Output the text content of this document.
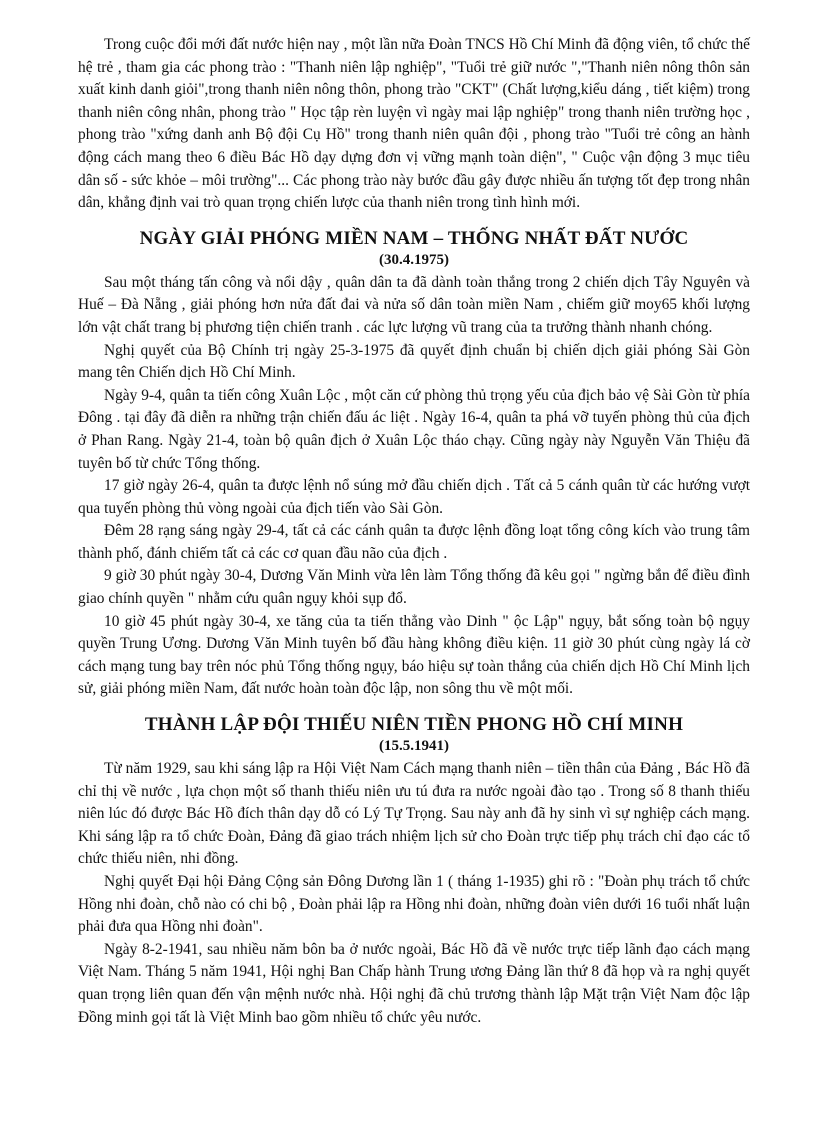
Trong cuộc đổi mới đất nước hiện nay , một lần nữa Đoàn TNCS Hồ Chí Minh đã động viên, tổ chức thế hệ trẻ , tham gia các phong trào : "Thanh niên lập nghiệp", "Tuổi trẻ giữ nước ","Thanh niên nông thôn sản xuất kinh danh giỏi",trong thanh niên nông thôn, phong trào "CKT" (Chất lượng,kiểu dáng , tiết kiệm) trong thanh niên công nhân, phong trào " Học tập rèn luyện vì ngày mai lập nghiệp" trong thanh niên trường học , phong trào "xứng danh anh Bộ đội Cụ Hồ" trong thanh niên quân đội , phong trào "Tuổi trẻ công an hành động cách mang theo 6 điều Bác Hồ dạy dựng đơn vị vững mạnh toàn diện", " Cuộc vận động 3 mục tiêu dân số - sức khỏe – môi trường"... Các phong trào này bước đầu gây được nhiều ấn tượng tốt đẹp trong nhân dân, khẳng định vai trò quan trọng chiến lược của thanh niên trong tình hình mới.

NGÀY GIẢI PHÓNG MIỀN NAM – THỐNG NHẤT ĐẤT NƯỚC
(30.4.1975)

Sau một tháng tấn công và nổi dậy , quân dân ta đã dành toàn thắng trong 2 chiến dịch Tây Nguyên và Huế – Đà Nẵng , giải phóng hơn nửa đất đai và nửa số dân toàn miền Nam , chiếm giữ moy65 khối lượng lớn vật chất trang bị phương tiện chiến tranh . các lực lượng vũ trang của ta trưởng thành nhanh chóng.

Nghị quyết của Bộ Chính trị ngày 25-3-1975 đã quyết định chuẩn bị chiến dịch giải phóng Sài Gòn mang tên Chiến dịch Hồ Chí Minh.

Ngày 9-4, quân ta tiến công Xuân Lộc , một căn cứ phòng thủ trọng yếu của địch bảo vệ Sài Gòn từ phía Đông . tại đây đã diễn ra những trận chiến đấu ác liệt . Ngày 16-4, quân ta phá vỡ tuyến phòng thủ của địch ở Phan Rang. Ngày 21-4, toàn bộ quân địch ở Xuân Lộc tháo chạy. Cũng ngày này Nguyễn Văn Thiệu đã tuyên bố từ chức Tổng thống.

17 giờ ngày 26-4, quân ta được lệnh nổ súng mở đầu chiến dịch . Tất cả 5 cánh quân từ các hướng vượt qua tuyến phòng thủ vòng ngoài của địch tiến vào Sài Gòn.

Đêm 28 rạng sáng ngày 29-4, tất cả các cánh quân ta được lệnh đồng loạt tổng công kích vào trung tâm thành phố, đánh chiếm tất cả các cơ quan đầu não của địch .

9 giờ 30 phút ngày 30-4, Dương Văn Minh vừa lên làm Tổng thống đã kêu gọi " ngừng bắn để điều đình giao chính quyền " nhằm cứu quân ngụy khỏi sụp đổ.

10 giờ 45 phút ngày 30-4, xe tăng của ta tiến thẳng vào Dinh " ộc Lập" ngụy, bắt sống toàn bộ ngụy quyền Trung Ương. Dương Văn Minh tuyên bố đầu hàng không điều kiện. 11 giờ 30 phút cùng ngày lá cờ cách mạng tung bay trên nóc phủ Tổng thống ngụy, báo hiệu sự toàn thắng của chiến dịch Hồ Chí Minh lịch sử, giải phóng miền Nam, đất nước hoàn toàn độc lập, non sông thu về một mối.

THÀNH LẬP ĐỘI THIẾU NIÊN TIỀN PHONG HỒ CHÍ MINH
(15.5.1941)

Từ năm 1929, sau khi sáng lập ra Hội Việt Nam Cách mạng thanh niên – tiền thân của Đảng , Bác Hồ đã chỉ thị về nước , lựa chọn một số thanh thiếu niên ưu tú đưa ra nước ngoài đào tạo . Trong số 8 thanh thiếu niên lúc đó được Bác Hồ đích thân dạy dỗ có Lý Tự Trọng. Sau này anh đã hy sinh vì sự nghiệp cách mạng. Khi sáng lập ra tổ chức Đoàn, Đảng đã giao trách nhiệm lịch sử cho Đoàn trực tiếp phụ trách chỉ đạo các tổ chức thiếu niên, nhi đồng.

Nghị quyết Đại hội Đảng Cộng sản Đông Dương lần 1 ( tháng 1-1935) ghi rõ : "Đoàn phụ trách tổ chức Hồng nhi đoàn, chỗ nào có chi bộ , Đoàn phải lập ra Hồng nhi đoàn, những đoàn viên dưới 16 tuổi nhất luận phải đưa qua Hồng nhi đoàn".

Ngày 8-2-1941, sau nhiều năm bôn ba ở nước ngoài, Bác Hồ đã về nước trực tiếp lãnh đạo cách mạng Việt Nam. Tháng 5 năm 1941, Hội nghị Ban Chấp hành Trung ương Đảng lần thứ 8 đã họp và ra nghị quyết quan trọng liên quan đến vận mệnh nước nhà. Hội nghị đã chủ trương thành lập Mặt trận Việt Nam độc lập Đồng minh gọi tất là Việt Minh bao gồm nhiều tổ chức yêu nước.
